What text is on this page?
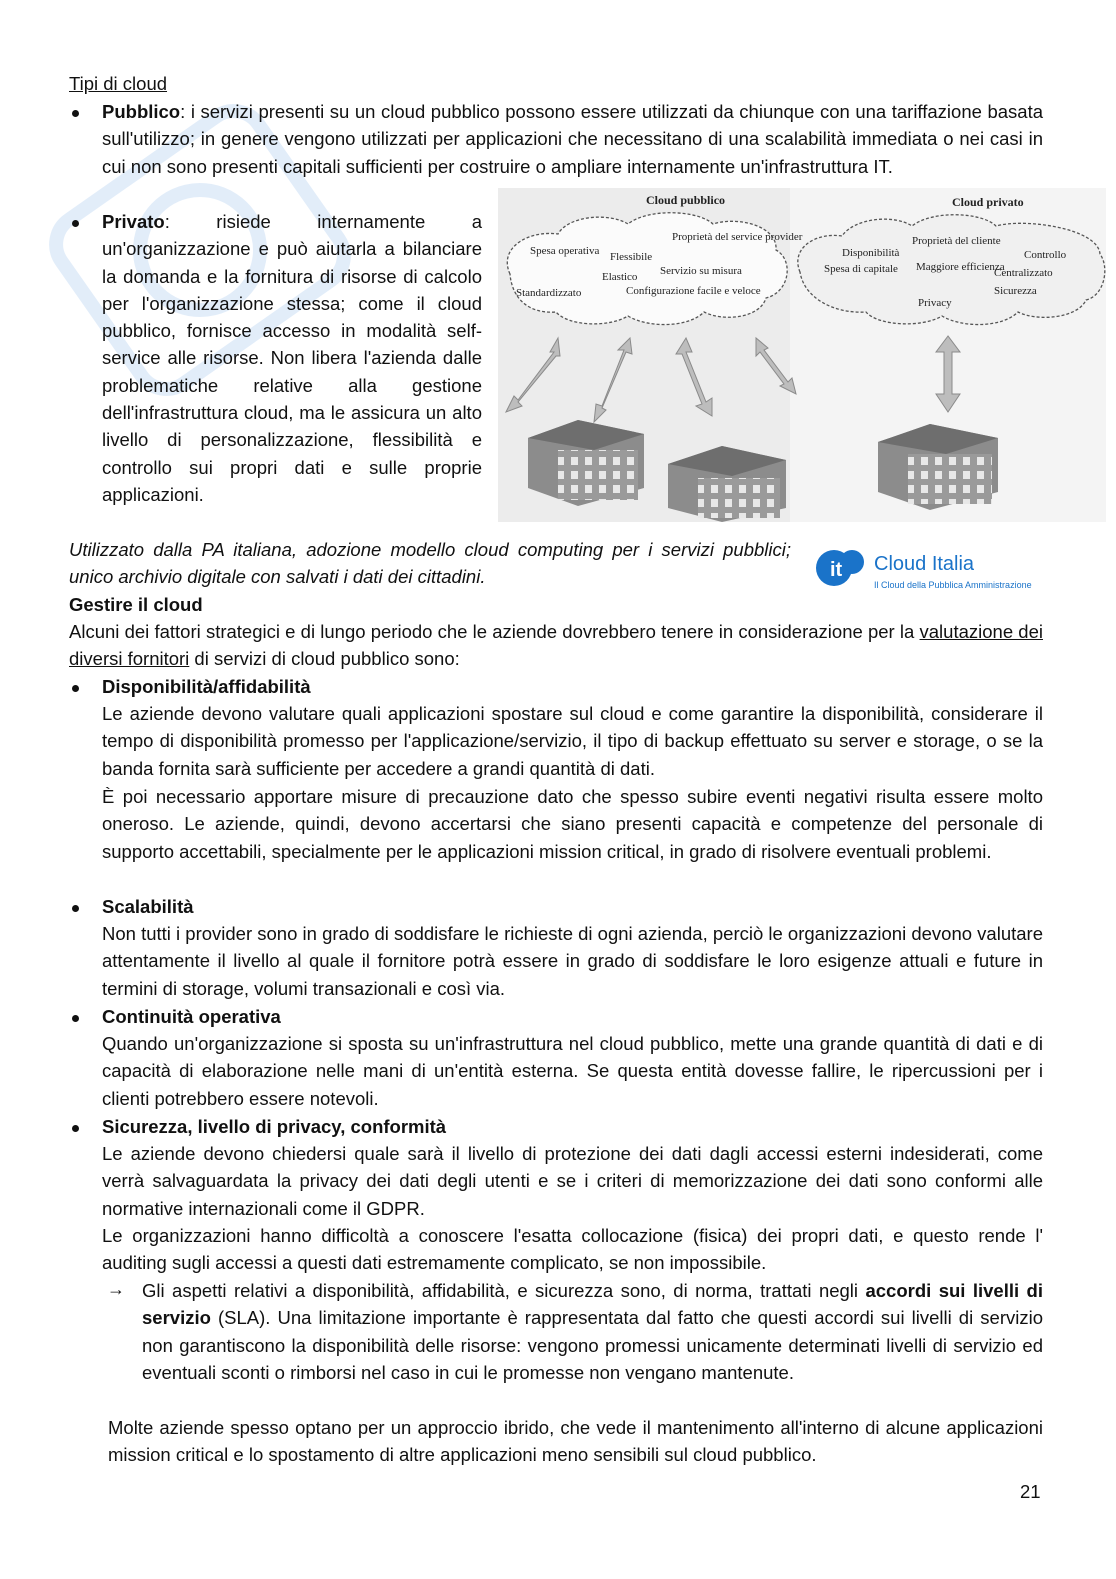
Tipi di cloud
Pubblico: i servizi presenti su un cloud pubblico possono essere utilizzati da chiunque con una tariffazione basata sull'utilizzo; in genere vengono utilizzati per applicazioni che necessitano di una scalabilità immediata o nei casi in cui non sono presenti capitali sufficienti per costruire o ampliare internamente un'infrastruttura IT.
Privato: risiede internamente a un'organizzazione e può aiutarla a bilanciare la domanda e la fornitura di risorse di calcolo per l'organizzazione stessa; come il cloud pubblico, fornisce accesso in modalità self-service alle risorse. Non libera l'azienda dalle problematiche relative alla gestione dell'infrastruttura cloud, ma le assicura un alto livello di personalizzazione, flessibilità e controllo sui propri dati e sulle proprie applicazioni.
Cloud pubblico	Cloud privato
Spesa operativa Flessibile
Proprietà del service provider
Servizio su misura
Elastico
Standardizzato	Configurazione facile e veloce
Disponibilità
Proprietà del cliente
Controllo
Spesa di capitale Maggiore efficienza
Centralizzato
Privacy
Sicurezza
Utilizzato dalla PA italiana, adozione modello cloud computing per i servizi pubblici; unico archivio digitale con salvati i dati dei cittadini.	it Cloud Italia
Il Cloud della Pubblica Amministrazione
Gestire il cloud
Alcuni dei fattori strategici e di lungo periodo che le aziende dovrebbero tenere in considerazione per la valutazione dei diversi fornitori di servizi di cloud pubblico sono:
Disponibilità/affidabilità
Le aziende devono valutare quali applicazioni spostare sul cloud e come garantire la disponibilità, considerare il tempo di disponibilità promesso per l'applicazione/servizio, il tipo di backup effettuato su server e storage, o se la banda fornita sarà sufficiente per accedere a grandi quantità di dati.
È poi necessario apportare misure di precauzione dato che spesso subire eventi negativi risulta essere molto oneroso. Le aziende, quindi, devono accertarsi che siano presenti capacità e competenze del personale di supporto accettabili, specialmente per le applicazioni mission critical, in grado di risolvere eventuali problemi.
Scalabilità
Non tutti i provider sono in grado di soddisfare le richieste di ogni azienda, perciò le organizzazioni devono valutare attentamente il livello al quale il fornitore potrà essere in grado di soddisfare le loro esigenze attuali e future in termini di storage, volumi transazionali e così via.
Continuità operativa
Quando un'organizzazione si sposta su un'infrastruttura nel cloud pubblico, mette una grande quantità di dati e di capacità di elaborazione nelle mani di un'entità esterna. Se questa entità dovesse fallire, le ripercussioni per i clienti potrebbero essere notevoli.
Sicurezza, livello di privacy, conformità
Le aziende devono chiedersi quale sarà il livello di protezione dei dati dagli accessi esterni indesiderati, come verrà salvaguardata la privacy dei dati degli utenti e se i criteri di memorizzazione dei dati sono conformi alle normative internazionali come il GDPR.
Le organizzazioni hanno difficoltà a conoscere l'esatta collocazione (fisica) dei propri dati, e questo rende l' auditing sugli accessi a questi dati estremamente complicato, se non impossibile.
→ Gli aspetti relativi a disponibilità, affidabilità, e sicurezza sono, di norma, trattati negli accordi sui livelli di servizio (SLA). Una limitazione importante è rappresentata dal fatto che questi accordi sui livelli di servizio non garantiscono la disponibilità delle risorse: vengono promessi unicamente determinati livelli di servizio ed eventuali sconti o rimborsi nel caso in cui le promesse non vengano mantenute.
Molte aziende spesso optano per un approccio ibrido, che vede il mantenimento all'interno di alcune applicazioni mission critical e lo spostamento di altre applicazioni meno sensibili sul cloud pubblico.
21
